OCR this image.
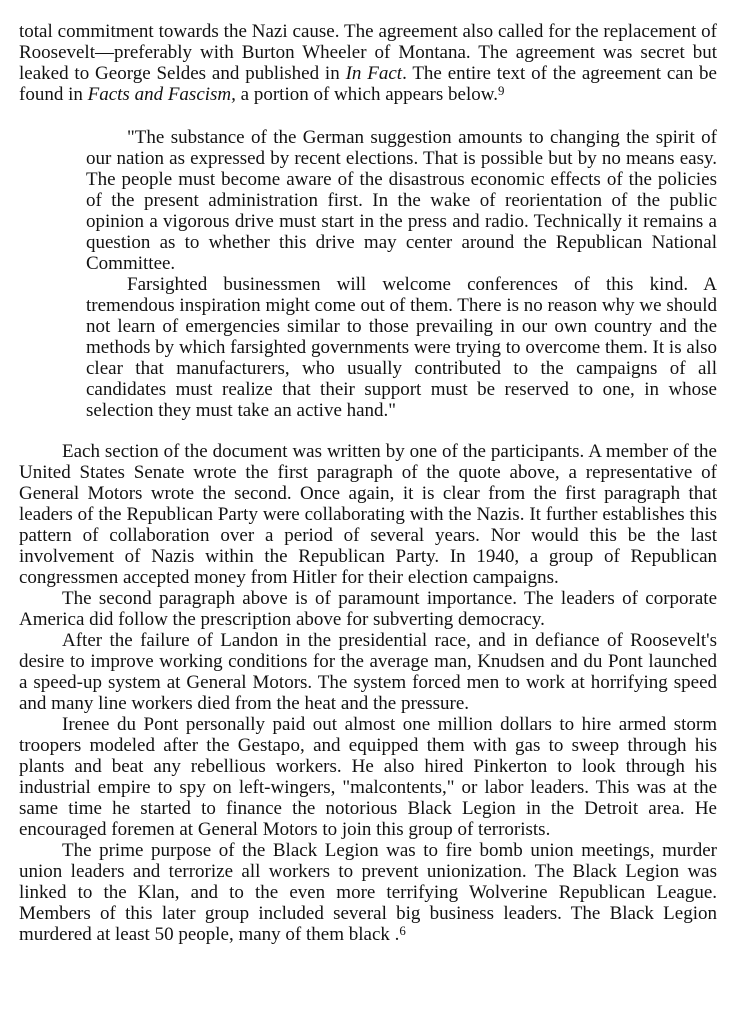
total commitment towards the Nazi cause. The agreement also called for the replacement of Roosevelt—preferably with Burton Wheeler of Montana. The agreement was secret but leaked to George Seldes and published in In Fact. The entire text of the agreement can be found in Facts and Fascism, a portion of which appears below.$^9$

"The substance of the German suggestion amounts to changing the spirit of our nation as expressed by recent elections. That is possible but by no means easy. The people must become aware of the disastrous economic effects of the policies of the present administration first. In the wake of reorientation of the public opinion a vigorous drive must start in the press and radio. Technically it remains a question as to whether this drive may center around the Republican National Committee.

Farsighted businessmen will welcome conferences of this kind. A tremendous inspiration might come out of them. There is no reason why we should not learn of emergencies similar to those prevailing in our own country and the methods by which farsighted governments were trying to overcome them. It is also clear that manufacturers, who usually contributed to the campaigns of all candidates must realize that their support must be reserved to one, in whose selection they must take an active hand."

Each section of the document was written by one of the participants. A member of the United States Senate wrote the first paragraph of the quote above, a representative of General Motors wrote the second. Once again, it is clear from the first paragraph that leaders of the Republican Party were collaborating with the Nazis. It further establishes this pattern of collaboration over a period of several years. Nor would this be the last involvement of Nazis within the Republican Party. In 1940, a group of Republican congressmen accepted money from Hitler for their election campaigns.

The second paragraph above is of paramount importance. The leaders of corporate America did follow the prescription above for subverting democracy.

After the failure of Landon in the presidential race, and in defiance of Roosevelt's desire to improve working conditions for the average man, Knudsen and du Pont launched a speed-up system at General Motors. The system forced men to work at horrifying speed and many line workers died from the heat and the pressure.

Irenee du Pont personally paid out almost one million dollars to hire armed storm troopers modeled after the Gestapo, and equipped them with gas to sweep through his plants and beat any rebellious workers. He also hired Pinkerton to look through his industrial empire to spy on left-wingers, "malcontents," or labor leaders. This was at the same time he started to finance the notorious Black Legion in the Detroit area. He encouraged foremen at General Motors to join this group of terrorists.

The prime purpose of the Black Legion was to fire bomb union meetings, murder union leaders and terrorize all workers to prevent unionization. The Black Legion was linked to the Klan, and to the even more terrifying Wolverine Republican League. Members of this later group included several big business leaders. The Black Legion murdered at least 50 people, many of them black .$^6$
